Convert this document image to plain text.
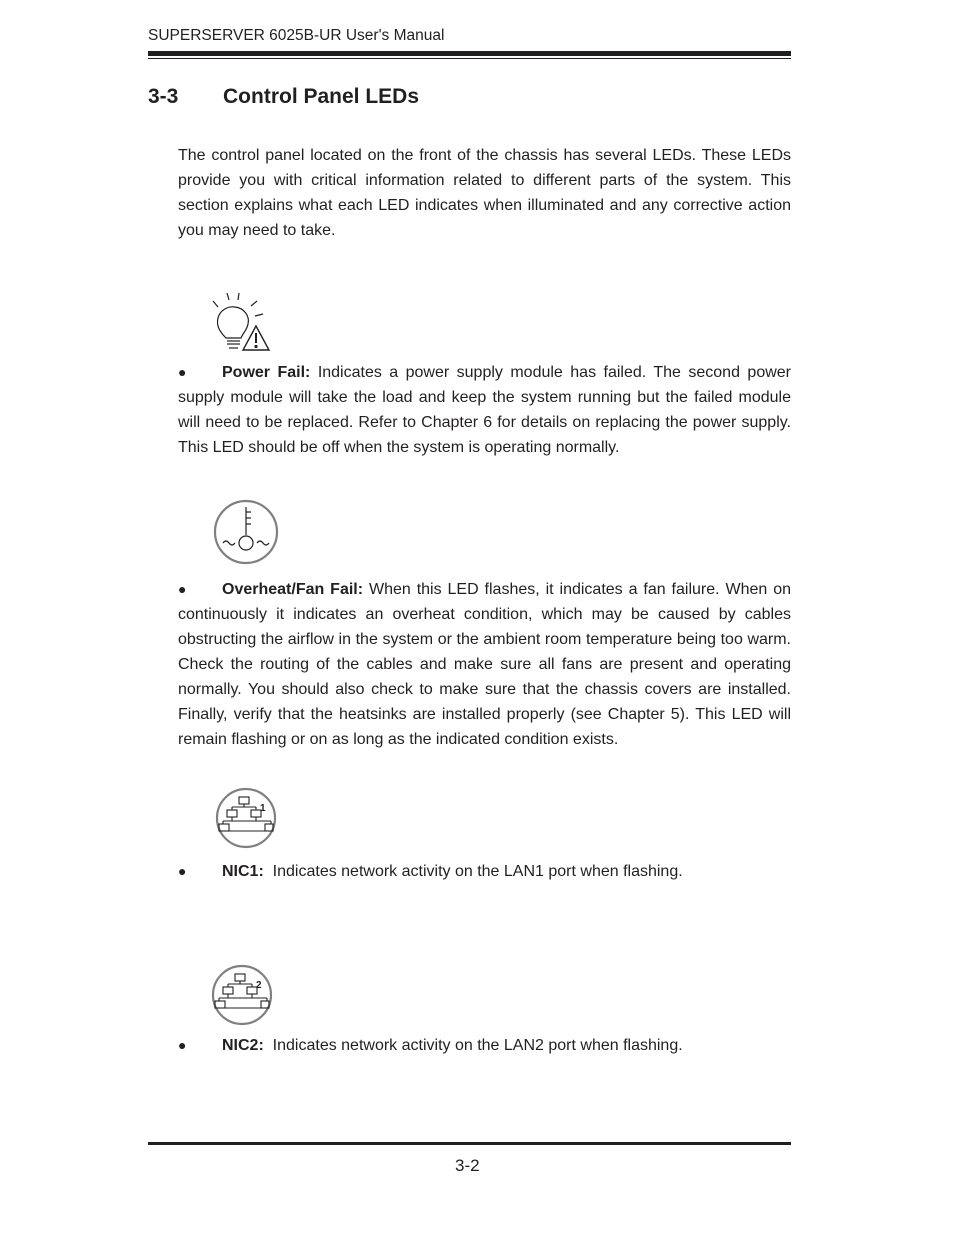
SUPERSERVER 6025B-UR User's Manual
3-3 Control Panel LEDs
The control panel located on the front of the chassis has several LEDs. These LEDs provide you with critical information related to different parts of the system. This section explains what each LED indicates when illuminated and any corrective action you may need to take.
● Power Fail: Indicates a power supply module has failed. The second power supply module will take the load and keep the system running but the failed module will need to be replaced. Refer to Chapter 6 for details on replacing the power supply. This LED should be off when the system is operating normally.
● Overheat/Fan Fail: When this LED flashes, it indicates a fan failure. When on continuously it indicates an overheat condition, which may be caused by cables obstructing the airflow in the system or the ambient room temperature being too warm. Check the routing of the cables and make sure all fans are present and operating normally. You should also check to make sure that the chassis covers are installed. Finally, verify that the heatsinks are installed properly (see Chapter 5). This LED will remain flashing or on as long as the indicated condition exists.
1
● NIC1: Indicates network activity on the LAN1 port when flashing.
2
● NIC2: Indicates network activity on the LAN2 port when flashing.
3-2
